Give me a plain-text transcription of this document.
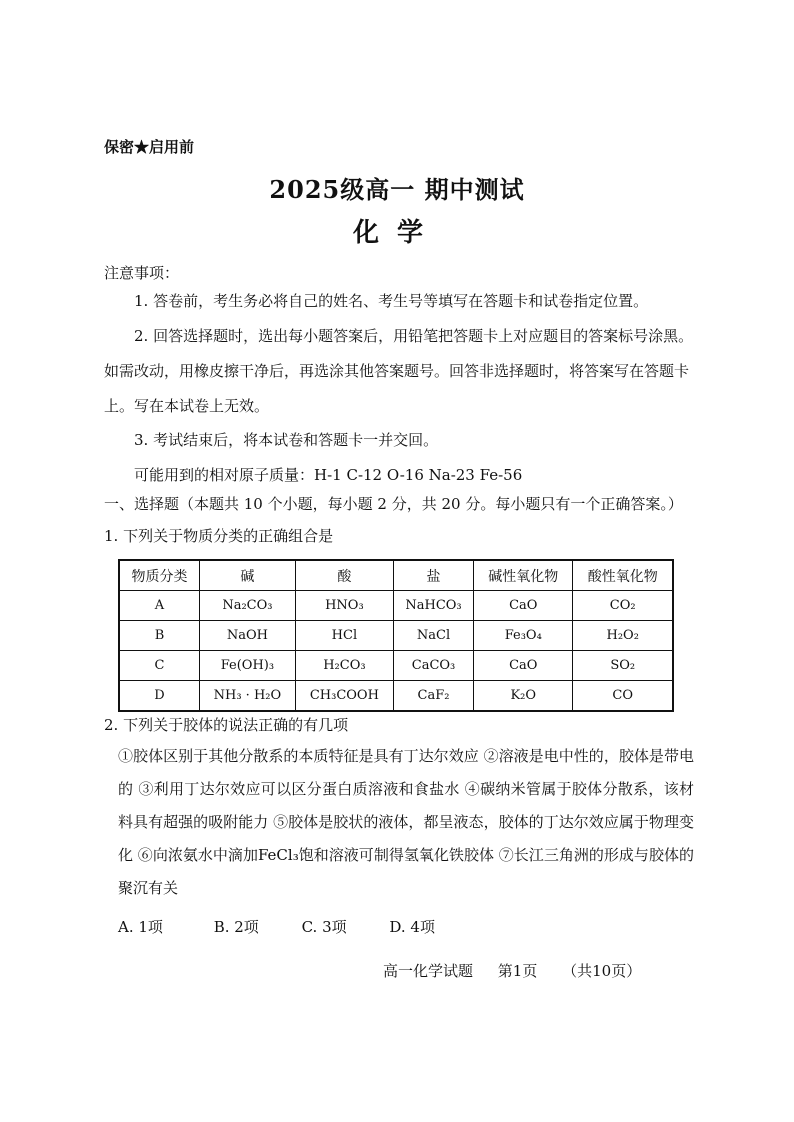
保密★启用前
2025级高一 期中测试
化学
注意事项：
1. 答卷前，考生务必将自己的姓名、考生号等填写在答题卡和试卷指定位置。
2. 回答选择题时，选出每小题答案后，用铅笔把答题卡上对应题目的答案标号涂黑。如需改动，用橡皮擦干净后，再选涂其他答案题号。回答非选择题时，将答案写在答题卡上。写在本试卷上无效。
3. 考试结束后，将本试卷和答题卡一并交回。
可能用到的相对原子质量：H-1 C-12 O-16 Na-23 Fe-56
一、选择题（本题共 10 个小题，每小题 2 分，共 20 分。每小题只有一个正确答案。）
1. 下列关于物质分类的正确组合是
物质分类	碱	酸	盐	碱性氧化物	酸性氧化物
A	Na₂CO₃	HNO₃	NaHCO₃	CaO	CO₂
B	NaOH	HCl	NaCl	Fe₃O₄	H₂O₂
C	Fe(OH)₃	H₂CO₃	CaCO₃	CaO	SO₂
D	NH₃ · H₂O	CH₃COOH	CaF₂	K₂O	CO
2. 下列关于胶体的说法正确的有几项
①胶体区别于其他分散系的本质特征是具有丁达尔效应 ②溶液是电中性的，胶体是带电的 ③利用丁达尔效应可以区分蛋白质溶液和食盐水 ④碳纳米管属于胶体分散系，该材料具有超强的吸附能力 ⑤胶体是胶状的液体，都呈液态，胶体的丁达尔效应属于物理变化 ⑥向浓氨水中滴加FeCl₃饱和溶液可制得氢氧化铁胶体 ⑦长江三角洲的形成与胶体的聚沉有关
A. 1项	B. 2项	C. 3项	D. 4项
高一化学试题 第1页 （共10页）
